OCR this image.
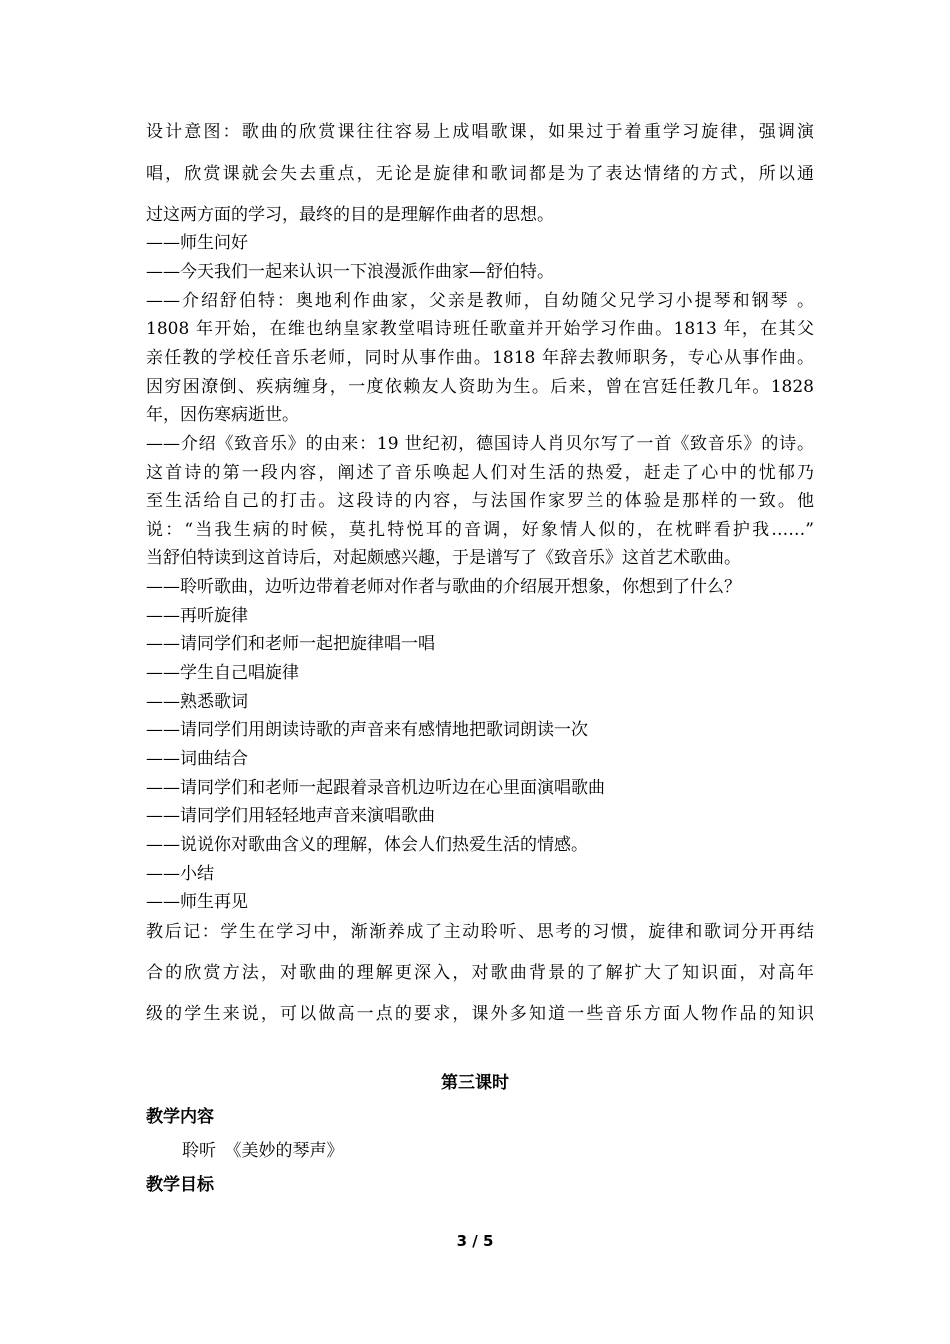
设计意图：歌曲的欣赏课往往容易上成唱歌课，如果过于着重学习旋律，强调演
唱，欣赏课就会失去重点，无论是旋律和歌词都是为了表达情绪的方式，所以通
过这两方面的学习，最终的目的是理解作曲者的思想。
——师生问好
——今天我们一起来认识一下浪漫派作曲家—舒伯特。
——介绍舒伯特：奥地利作曲家，父亲是教师，自幼随父兄学习小提琴和钢琴 。
1808 年开始，在维也纳皇家教堂唱诗班任歌童并开始学习作曲。1813 年，在其父
亲任教的学校任音乐老师，同时从事作曲。1818 年辞去教师职务，专心从事作曲。
因穷困潦倒、疾病缠身，一度依赖友人资助为生。后来，曾在宫廷任教几年。1828
年，因伤寒病逝世。
——介绍《致音乐》的由来：19 世纪初，德国诗人肖贝尔写了一首《致音乐》的诗。
这首诗的第一段内容，阐述了音乐唤起人们对生活的热爱，赶走了心中的忧郁乃
至生活给自己的打击。这段诗的内容，与法国作家罗兰的体验是那样的一致。他
说：“当我生病的时候，莫扎特悦耳的音调，好象情人似的，在枕畔看护我……”
当舒伯特读到这首诗后，对起颇感兴趣，于是谱写了《致音乐》这首艺术歌曲。
——聆听歌曲，边听边带着老师对作者与歌曲的介绍展开想象，你想到了什么？
——再听旋律
——请同学们和老师一起把旋律唱一唱
——学生自己唱旋律
——熟悉歌词
——请同学们用朗读诗歌的声音来有感情地把歌词朗读一次
——词曲结合
——请同学们和老师一起跟着录音机边听边在心里面演唱歌曲
——请同学们用轻轻地声音来演唱歌曲
——说说你对歌曲含义的理解，体会人们热爱生活的情感。
——小结
——师生再见
教后记：学生在学习中，渐渐养成了主动聆听、思考的习惯，旋律和歌词分开再结
合的欣赏方法，对歌曲的理解更深入，对歌曲背景的了解扩大了知识面，对高年
级的学生来说，可以做高一点的要求，课外多知道一些音乐方面人物作品的知识
第三课时
教学内容
聆听　《美妙的琴声》
教学目标
3 / 5
